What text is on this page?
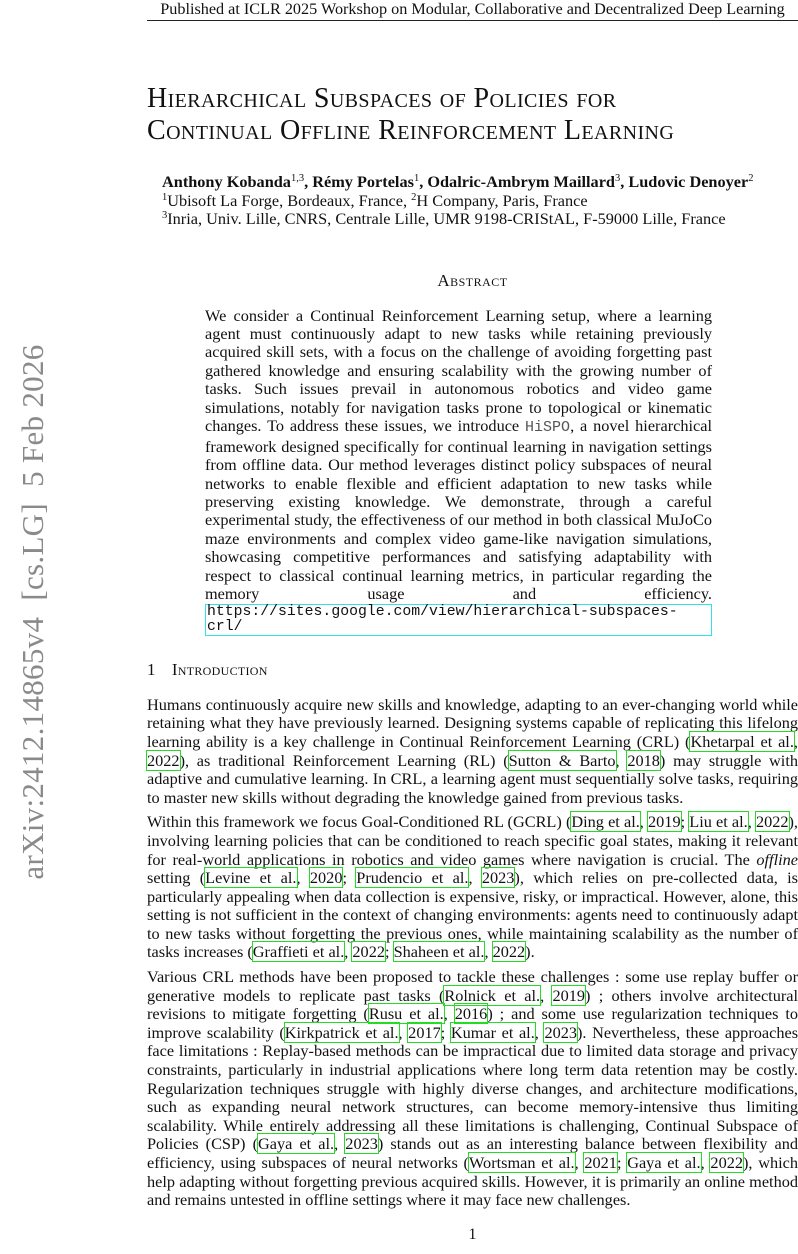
arXiv:2412.14865v4  [cs.LG]  5 Feb 2026
Published at ICLR 2025 Workshop on Modular, Collaborative and Decentralized Deep Learning
Hierarchical Subspaces of Policies for
Continual Offline Reinforcement Learning
Anthony Kobanda$^{1,3}$, Rémy Portelas$^1$, Odalric-Ambrym Maillard$^3$, Ludovic Denoyer$^2$
$^1$Ubisoft La Forge, Bordeaux, France, $^2$H Company, Paris, France
$^3$Inria, Univ. Lille, CNRS, Centrale Lille, UMR 9198-CRIStAL, F-59000 Lille, France
Abstract
We consider a Continual Reinforcement Learning setup, where a learning agent must continuously adapt to new tasks while retaining previously acquired skill sets, with a focus on the challenge of avoiding forgetting past gathered knowledge and ensuring scalability with the growing number of tasks. Such issues prevail in autonomous robotics and video game simulations, notably for navigation tasks prone to topological or kinematic changes. To address these issues, we introduce HiSPO, a novel hierarchical framework designed specifically for continual learning in navigation settings from offline data. Our method leverages distinct policy subspaces of neural networks to enable flexible and efficient adaptation to new tasks while preserving existing knowledge. We demonstrate, through a careful experimental study, the effectiveness of our method in both classical MuJoCo maze environments and complex video game-like navigation simulations, showcasing competitive performances and satisfying adaptability with respect to classical continual learning metrics, in particular regarding the memory usage and efficiency. https://sites.google.com/view/hierarchical-subspaces-crl/
1 Introduction

Humans continuously acquire new skills and knowledge, adapting to an ever-changing world while retaining what they have previously learned. Designing systems capable of replicating this lifelong learning ability is a key challenge in Continual Reinforcement Learning (CRL) (Khetarpal et al., 2022), as traditional Reinforcement Learning (RL) (Sutton & Barto, 2018) may struggle with adaptive and cumulative learning. In CRL, a learning agent must sequentially solve tasks, requiring to master new skills without degrading the knowledge gained from previous tasks.

Within this framework we focus Goal-Conditioned RL (GCRL) (Ding et al., 2019; Liu et al., 2022), involving learning policies that can be conditioned to reach specific goal states, making it relevant for real-world applications in robotics and video games where navigation is crucial. The offline setting (Levine et al., 2020; Prudencio et al., 2023), which relies on pre-collected data, is particularly appealing when data collection is expensive, risky, or impractical. However, alone, this setting is not sufficient in the context of changing environments: agents need to continuously adapt to new tasks without forgetting the previous ones, while maintaining scalability as the number of tasks increases (Graffieti et al., 2022; Shaheen et al., 2022).

Various CRL methods have been proposed to tackle these challenges : some use replay buffer or generative models to replicate past tasks (Rolnick et al., 2019) ; others involve architectural revisions to mitigate forgetting (Rusu et al., 2016) ; and some use regularization techniques to improve scalability (Kirkpatrick et al., 2017; Kumar et al., 2023). Nevertheless, these approaches face limitations : Replay-based methods can be impractical due to limited data storage and privacy constraints, particularly in industrial applications where long term data retention may be costly. Regularization techniques struggle with highly diverse changes, and architecture modifications, such as expanding neural network structures, can become memory-intensive thus limiting scalability. While entirely addressing all these limitations is challenging, Continual Subspace of Policies (CSP) (Gaya et al., 2023) stands out as an interesting balance between flexibility and efficiency, using subspaces of neural networks (Wortsman et al., 2021; Gaya et al., 2022), which help adapting without forgetting previous acquired skills. However, it is primarily an online method and remains untested in offline settings where it may face new challenges.

1
